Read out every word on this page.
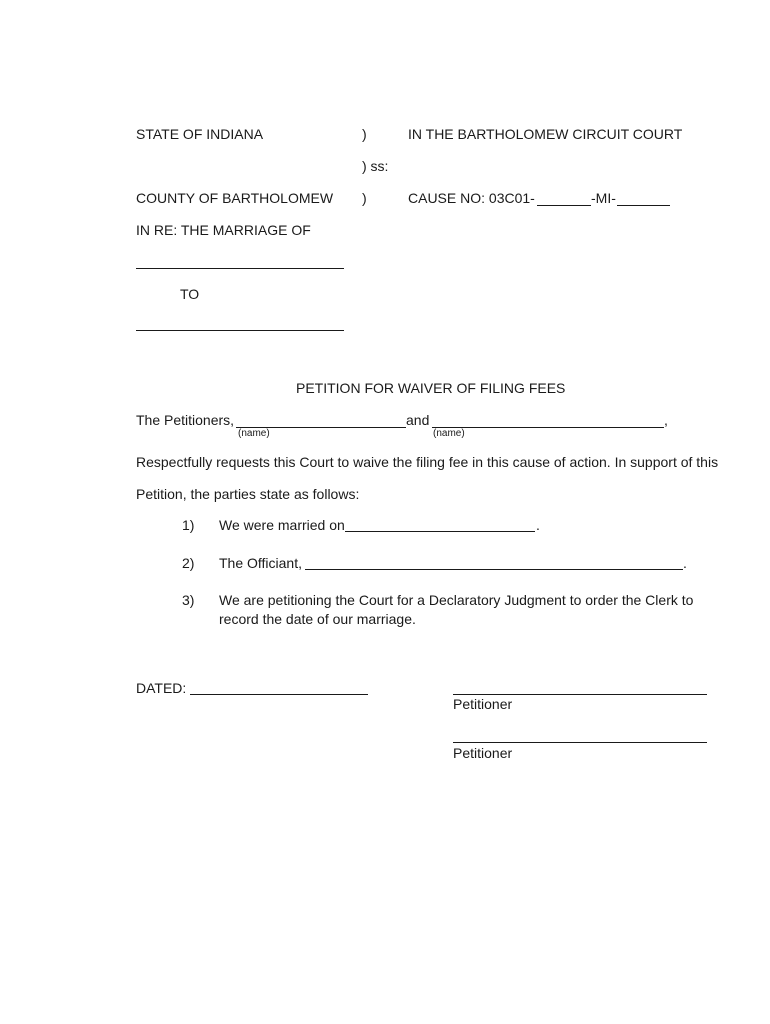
STATE OF INDIANA	)	IN THE BARTHOLOMEW CIRCUIT COURT
) ss:
COUNTY OF BARTHOLOMEW )	CAUSE NO: 03C01-	-MI-
IN RE: THE MARRIAGE OF
TO
PETITION FOR WAIVER OF FILING FEES
The Petitioners,	and	,
(name)	(name)
Respectfully requests this Court to waive the filing fee in this cause of action. In support of this
Petition, the parties state as follows:
1) We were married on	.
2) The Officiant,	.
3) We are petitioning the Court for a Declaratory Judgment to order the Clerk to
record the date of our marriage.
DATED:
Petitioner
Petitioner
